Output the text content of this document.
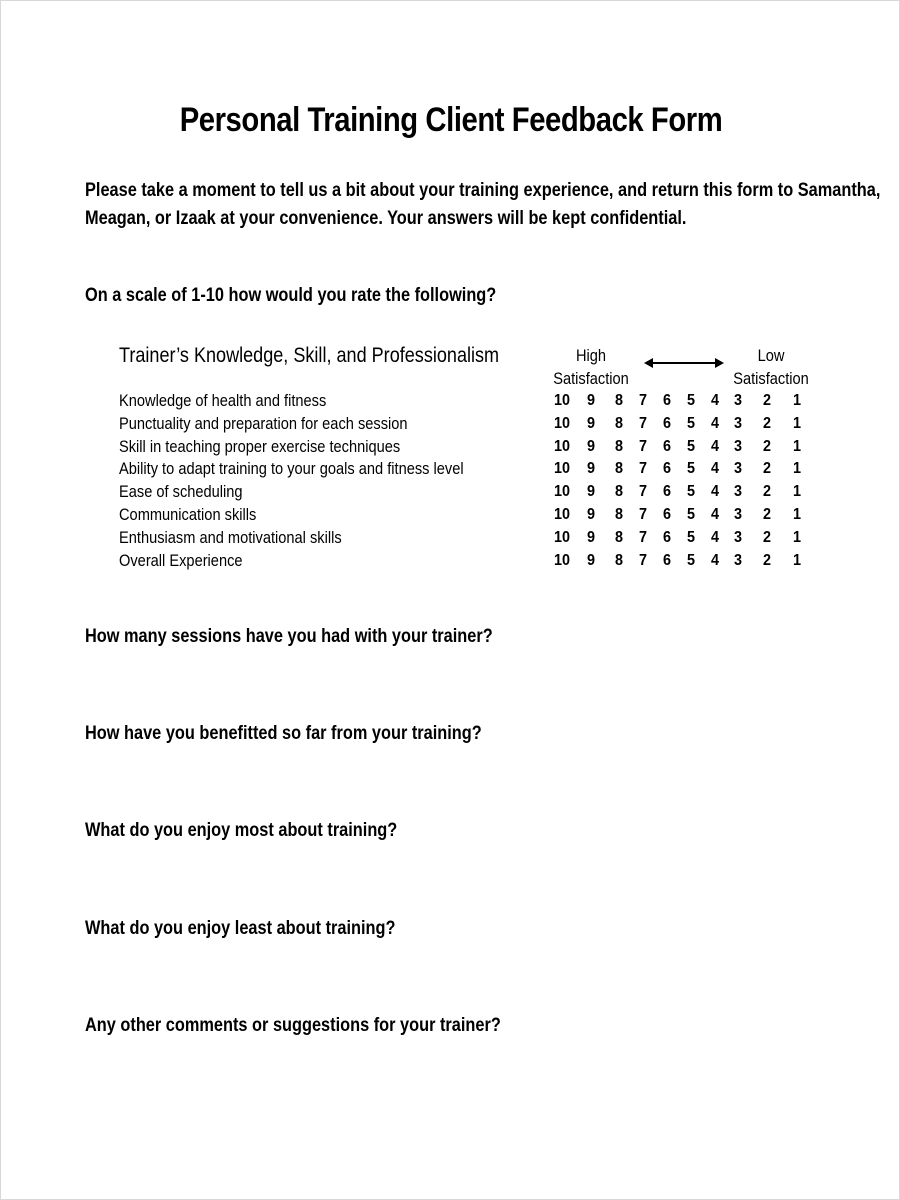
Personal Training Client Feedback Form
Please take a moment to tell us a bit about your training experience, and return this form to Samantha,
Meagan, or Izaak at your convenience. Your answers will be kept confidential.
On a scale of 1-10 how would you rate the following?
Trainer’s Knowledge, Skill, and Professionalism	High
Satisfaction
Low
Satisfaction
Knowledge of health and fitness	10	9	8 7 6 5 4 3	2	1
Punctuality and preparation for each session	10	9	8 7 6 5 4 3	2	1
Skill in teaching proper exercise techniques	10	9	8 7 6 5 4 3	2	1
Ability to adapt training to your goals and fitness level	10	9	8 7 6 5 4 3	2	1
Ease of scheduling	10	9	8 7 6 5 4 3	2	1
Communication skills	10	9	8 7 6 5 4 3	2	1
Enthusiasm and motivational skills	10	9	8 7 6 5 4 3	2	1
Overall Experience	10	9	8 7 6 5 4 3	2	1
How many sessions have you had with your trainer?
How have you benefitted so far from your training?
What do you enjoy most about training?
What do you enjoy least about training?
Any other comments or suggestions for your trainer?
